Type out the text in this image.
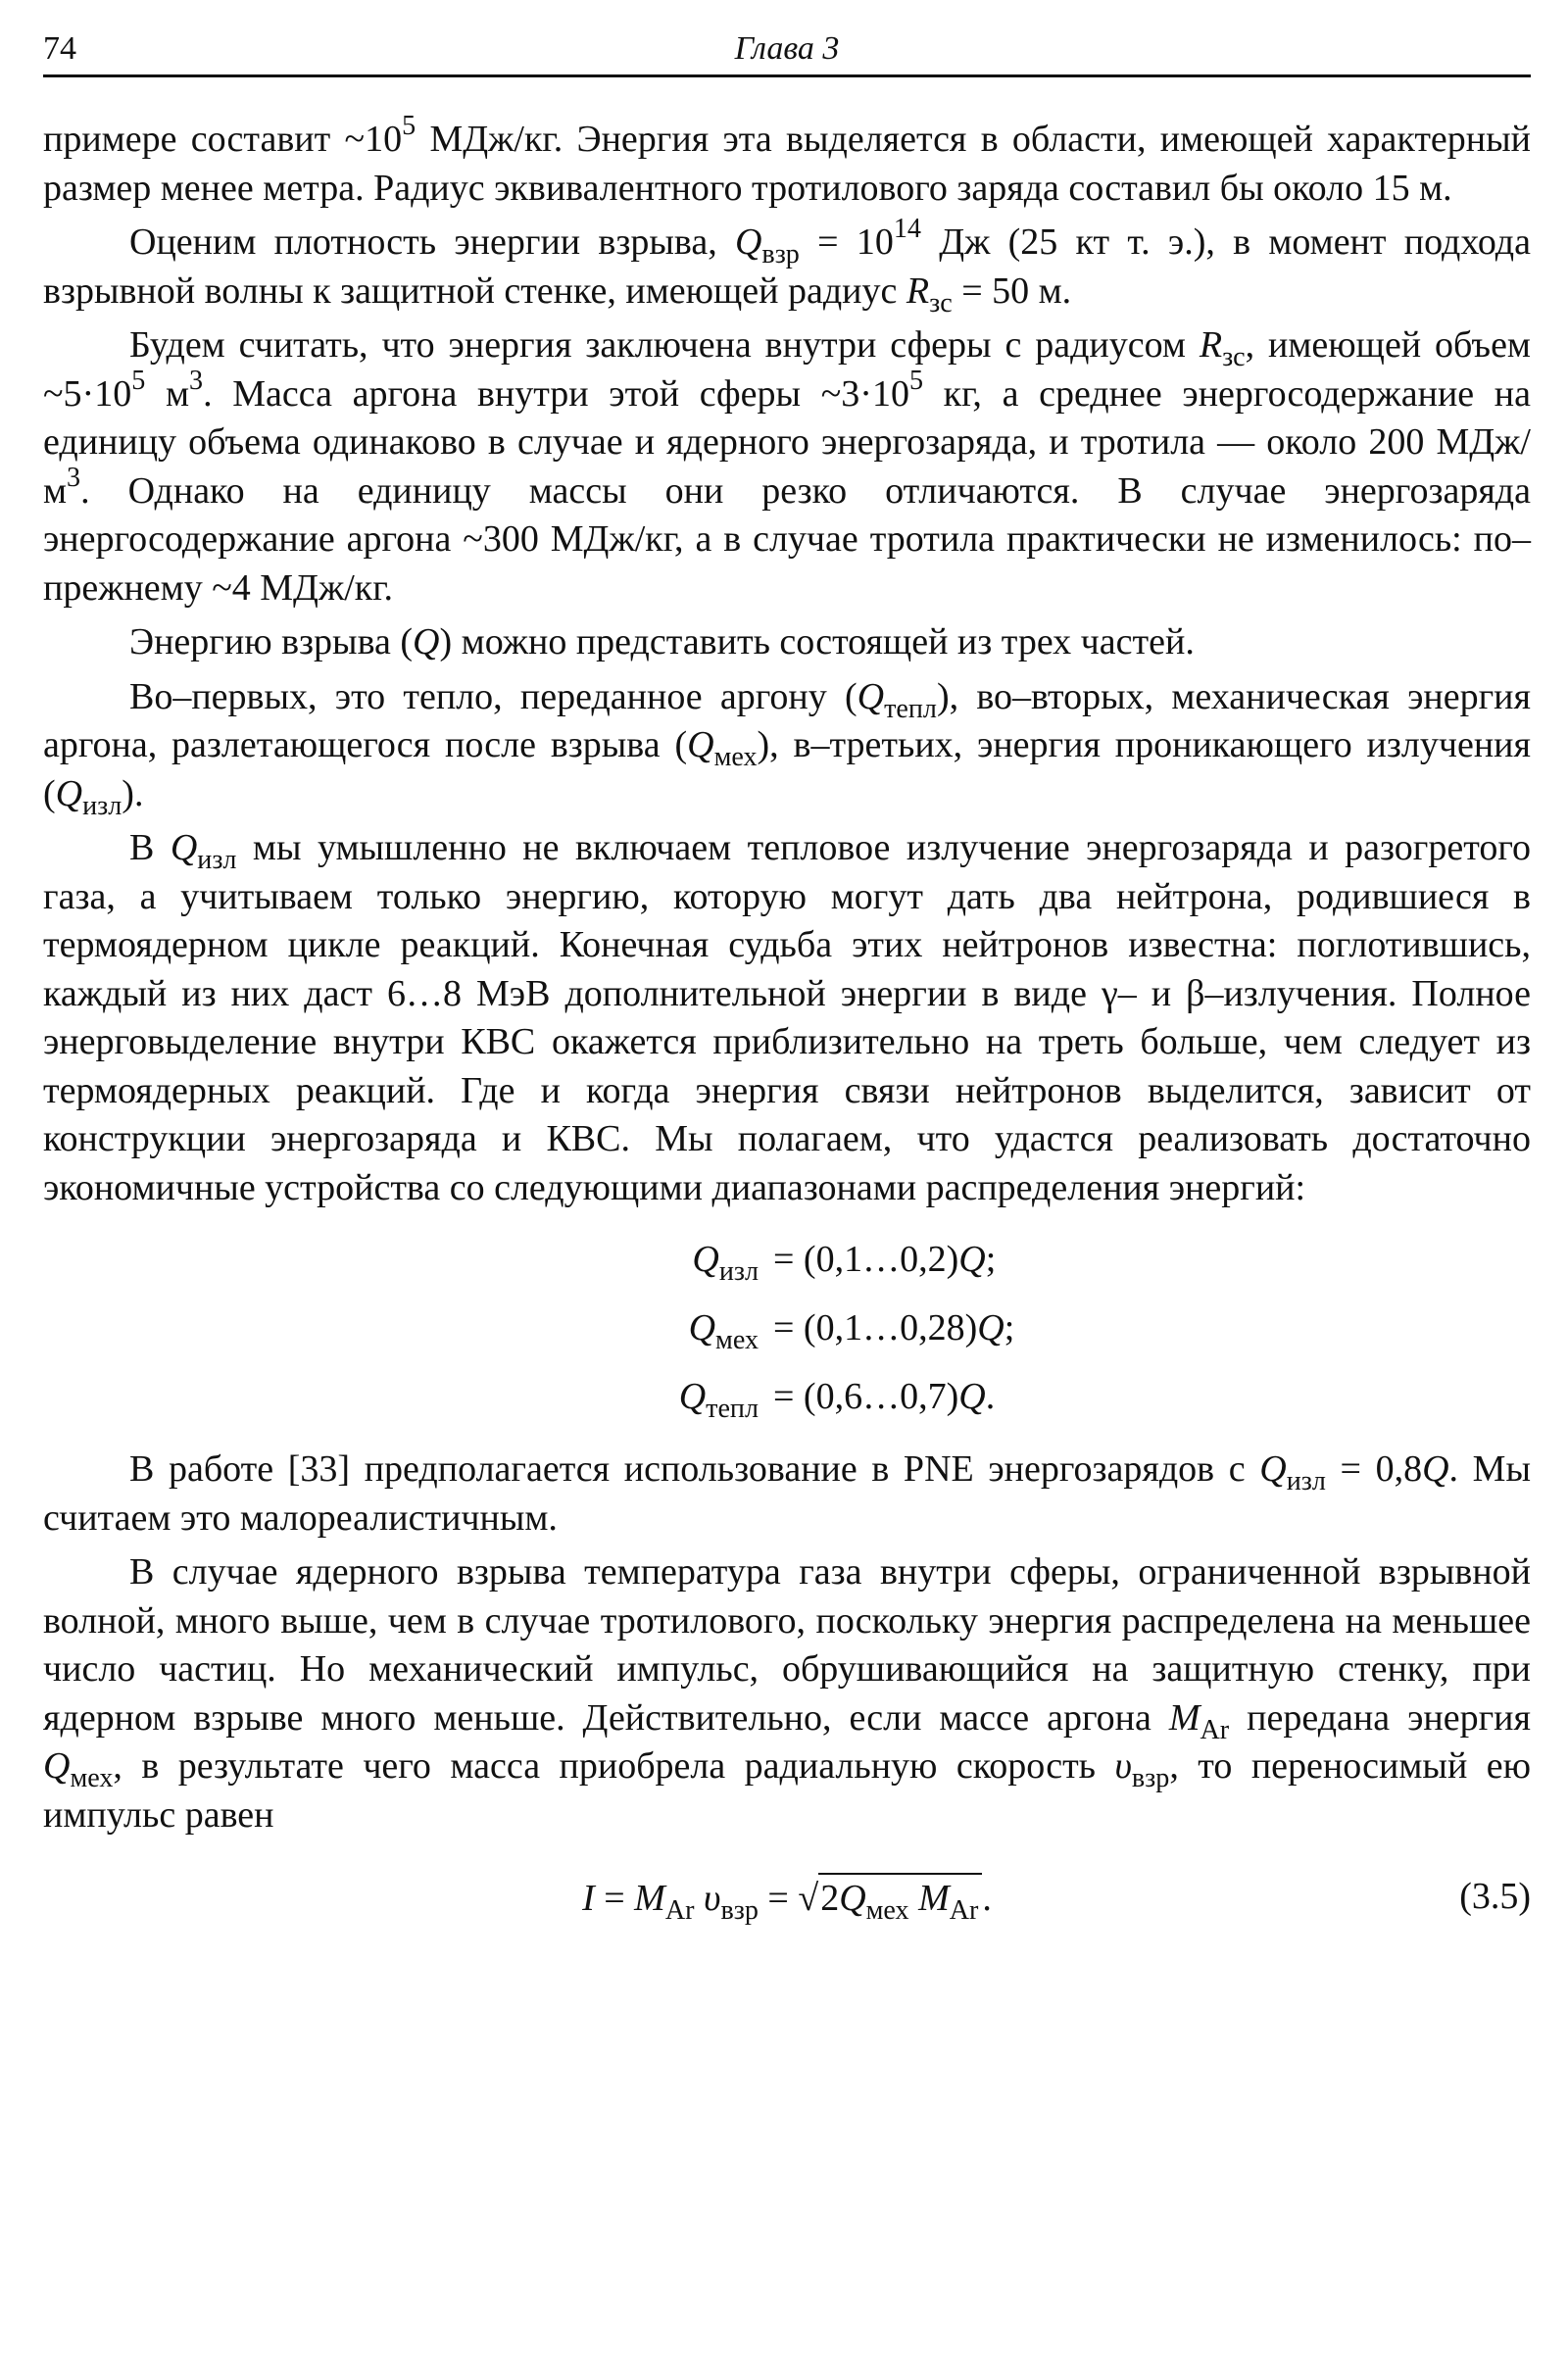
74	Глава 3

примере составит $\sim 10^5$ МДж/кг. Энергия эта выделяется в области, имеющей характерный размер менее метра. Радиус эквивалентного тротилового заряда составил бы около 15 м.

Оценим плотность энергии взрыва, $Q_{взр} = 10^{14}$ Дж (25 кт т. э.), в момент подхода взрывной волны к защитной стенке, имеющей радиус $R_{зс} = 50$ м.

Будем считать, что энергия заключена внутри сферы с радиусом $R_{зс}$, имеющей объем $\sim 5\cdot 10^5$ $м^3$. Масса аргона внутри этой сферы $\sim 3\cdot 10^5$ кг, а среднее энергосодержание на единицу объема одинаково в случае и ядерного энергозаряда, и тротила — около 200 МДж/$м^3$. Однако на единицу массы они резко отличаются. В случае энергозаряда энергосодержание аргона ~300 МДж/кг, а в случае тротила практически не изменилось: по–прежнему ~4 МДж/кг.

Энергию взрыва (Q) можно представить состоящей из трех частей.

Во–первых, это тепло, переданное аргону $(Q_{тепл})$, во–вторых, механическая энергия аргона, разлетающегося после взрыва $(Q_{мех})$, в–третьих, энергия проникающего излучения $(Q_{изл})$.

В $Q_{изл}$ мы умышленно не включаем тепловое излучение энергозаряда и разогретого газа, а учитываем только энергию, которую могут дать два нейтрона, родившиеся в термоядерном цикле реакций. Конечная судьба этих нейтронов известна: поглотившись, каждый из них даст 6…8 МэВ дополнительной энергии в виде γ– и β–излучения. Полное энерговыделение внутри КВС окажется приблизительно на треть больше, чем следует из термоядерных реакций. Где и когда энергия связи нейтронов выделится, зависит от конструкции энергозаряда и КВС. Мы полагаем, что удастся реализовать достаточно экономичные устройства со следующими диапазонами распределения энергий:

$Q_{изл}$ = (0,1…0,2)Q;
$Q_{мех}$ = (0,1…0,28)Q;
$Q_{тепл}$ = (0,6…0,7)Q.

В работе [33] предполагается использование в PNE энергозарядов с $Q_{изл} = 0,8Q$. Мы считаем это малореалистичным.

В случае ядерного взрыва температура газа внутри сферы, ограниченной взрывной волной, много выше, чем в случае тротилового, поскольку энергия распределена на меньшее число частиц. Но механический импульс, обрушивающийся на защитную стенку, при ядерном взрыве много меньше. Действительно, если массе аргона $M_{Ar}$ передана энергия $Q_{мех}$, в результате чего масса приобрела радиальную скорость $\upsilon_{взр}$, то переносимый ею импульс равен

$I = M_{Ar}$ $\upsilon_{взр} = √2Q_{мех}$ $M_{Ar}$ .	(3.5)
